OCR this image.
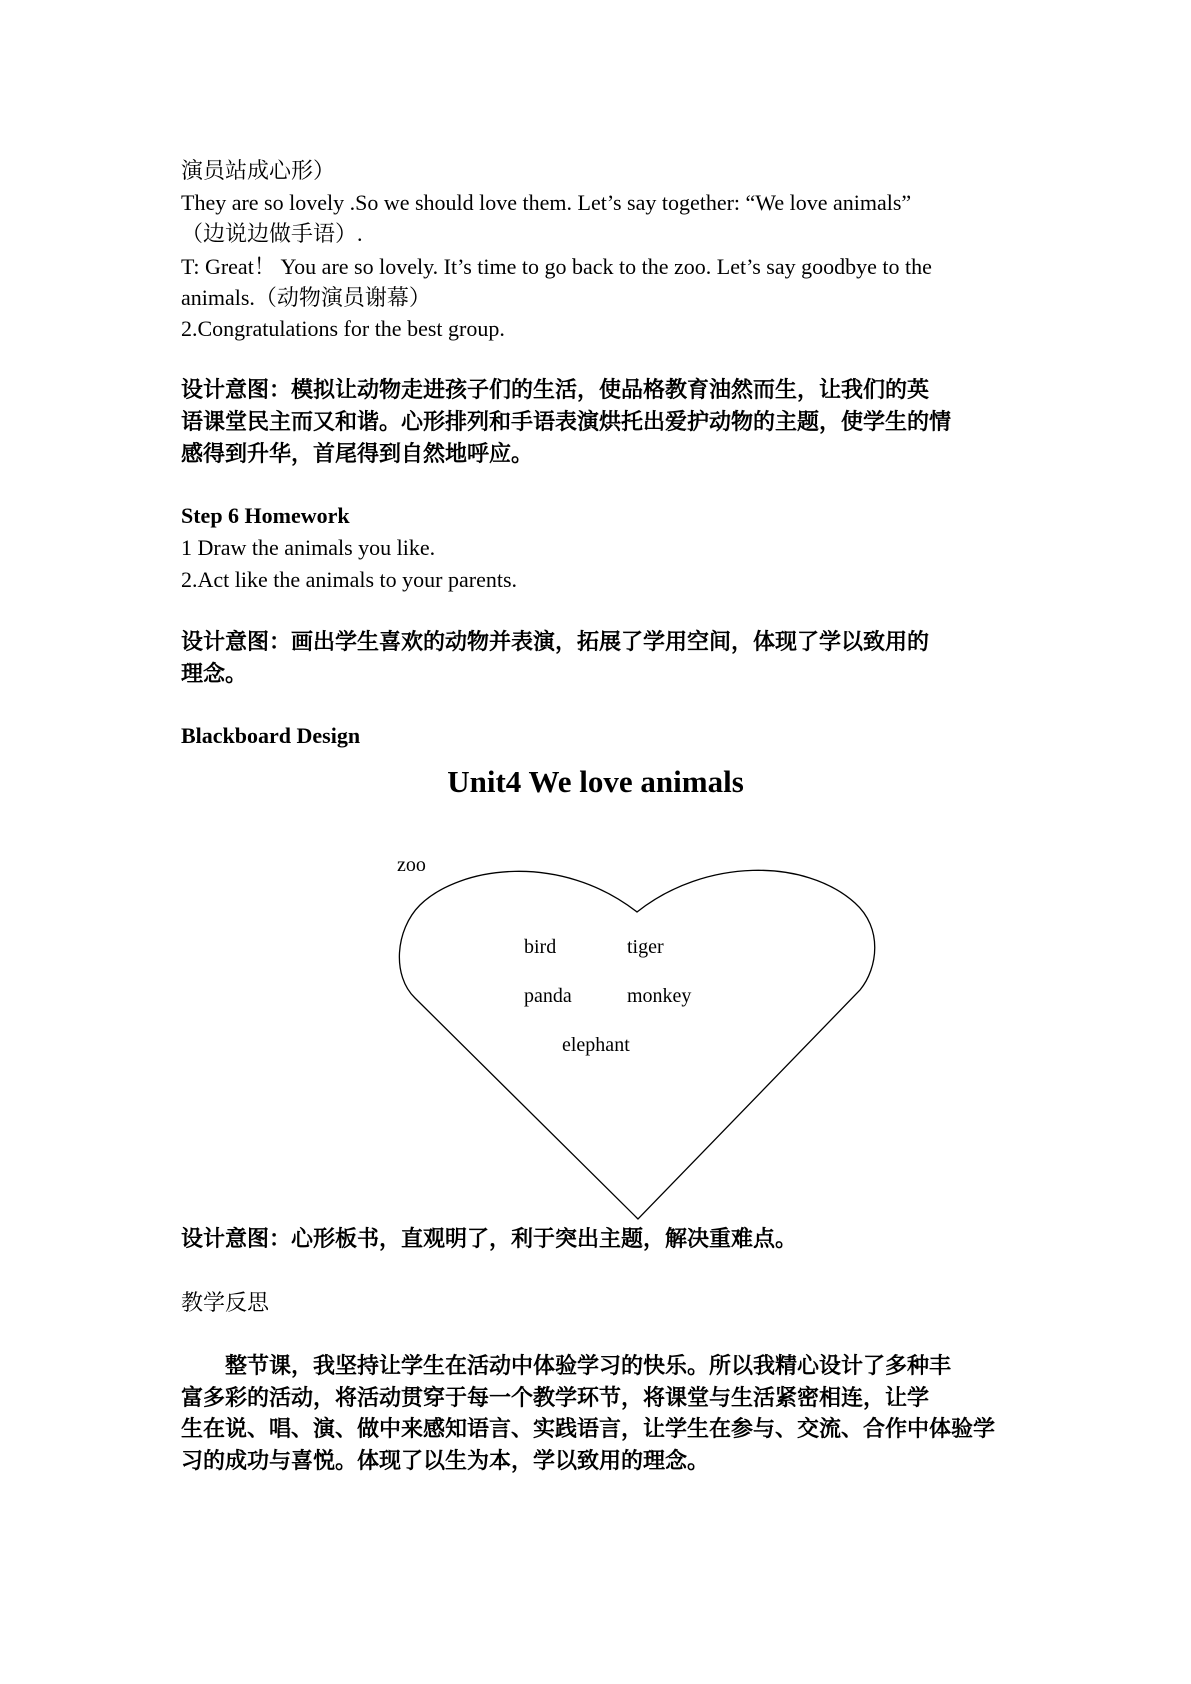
演员站成心形）
They are so lovely .So we should love them. Let’s say together: “We love animals”
（边说边做手语）.
T: Great！ You are so lovely. It’s time to go back to the zoo. Let’s say goodbye to the
animals.（动物演员谢幕）
2.Congratulations for the best group.
设计意图：模拟让动物走进孩子们的生活，使品格教育油然而生，让我们的英
语课堂民主而又和谐。心形排列和手语表演烘托出爱护动物的主题，使学生的情
感得到升华，首尾得到自然地呼应。
Step 6 Homework
1 Draw the animals you like.
2.Act like the animals to your parents.
设计意图：画出学生喜欢的动物并表演，拓展了学用空间，体现了学以致用的
理念。
Blackboard Design
Unit4 We love animals
zoo
bird	tiger
panda	monkey
elephant
设计意图：心形板书，直观明了，利于突出主题，解决重难点。
教学反思
　　整节课，我坚持让学生在活动中体验学习的快乐。所以我精心设计了多种丰
富多彩的活动，将活动贯穿于每一个教学环节，将课堂与生活紧密相连，让学
生在说、唱、演、做中来感知语言、实践语言，让学生在参与、交流、合作中体验学
习的成功与喜悦。体现了以生为本，学以致用的理念。
